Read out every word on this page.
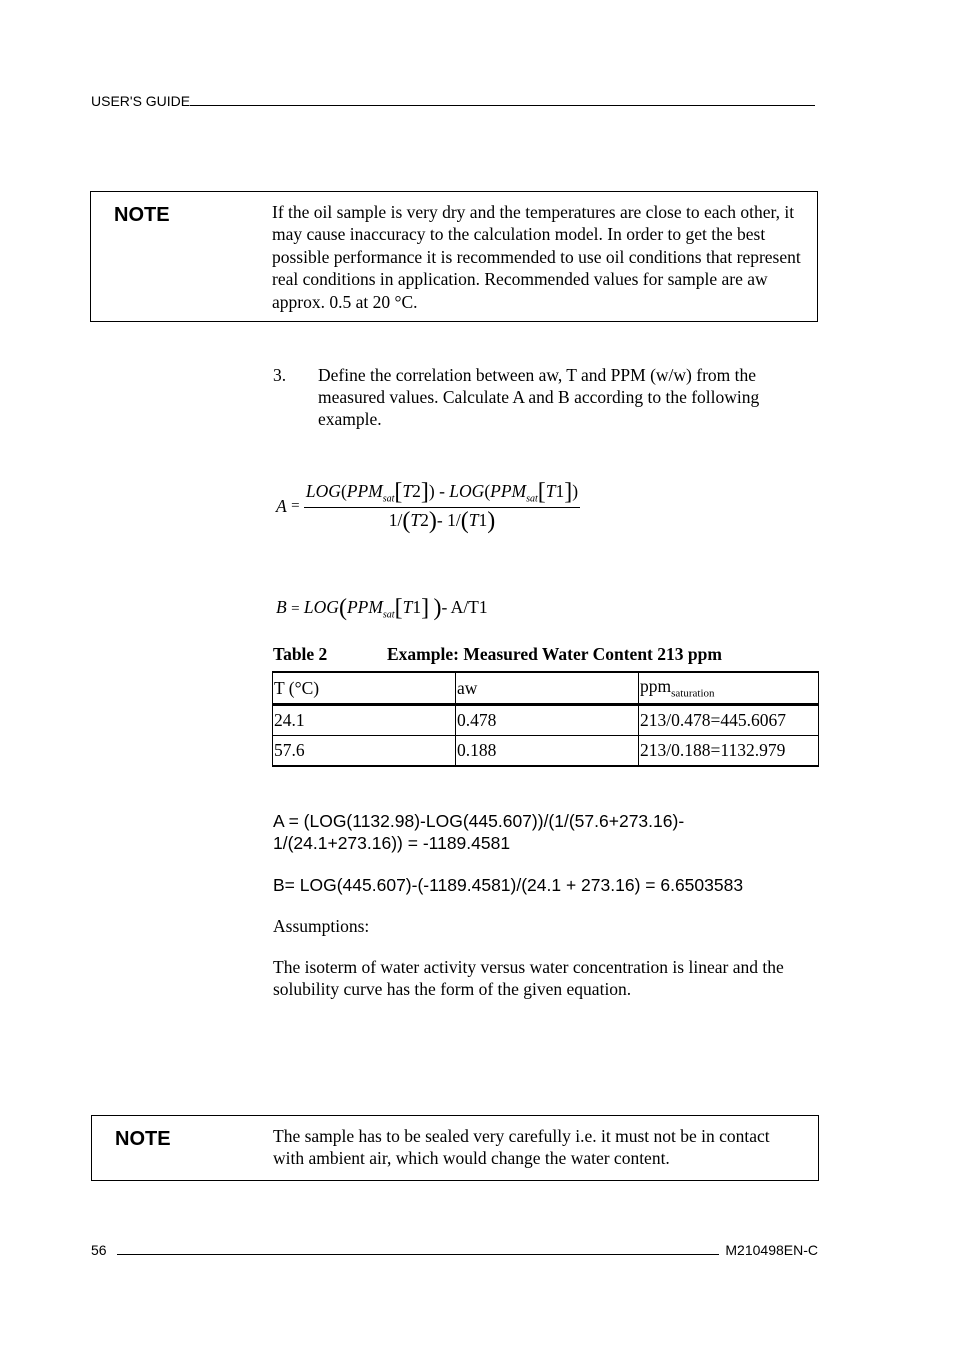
USER'S GUIDE
NOTE	If the oil sample is very dry and the temperatures are close to each other, it may cause inaccuracy to the calculation model. In order to get the best possible performance it is recommended to use oil conditions that represent real conditions in application. Recommended values for sample are aw approx. 0.5 at 20 °C.
3. Define the correlation between aw, T and PPM (w/w) from the measured values. Calculate A and B according to the following example.
$A = \frac{LOG(PPM_{sat}[T2]) - LOG(PPM_{sat}[T1])}{1/(T2)- 1/(T1)}$
$B = LOG(PPM_{sat}[T1]$ )- A/T1
Table 2	Example: Measured Water Content 213 ppm
T (°C)	aw	ppm$_{saturation}$
24.1	0.478	213/0.478=445.6067
57.6	0.188	213/0.188=1132.979
A = (LOG(1132.98)-LOG(445.607))/(1/(57.6+273.16)-
1/(24.1+273.16)) = -1189.4581
B= LOG(445.607)-(-1189.4581)/(24.1 + 273.16) = 6.6503583
Assumptions:
The isoterm of water activity versus water concentration is linear and the solubility curve has the form of the given equation.
NOTE	The sample has to be sealed very carefully i.e. it must not be in contact with ambient air, which would change the water content.
56	M210498EN-C
